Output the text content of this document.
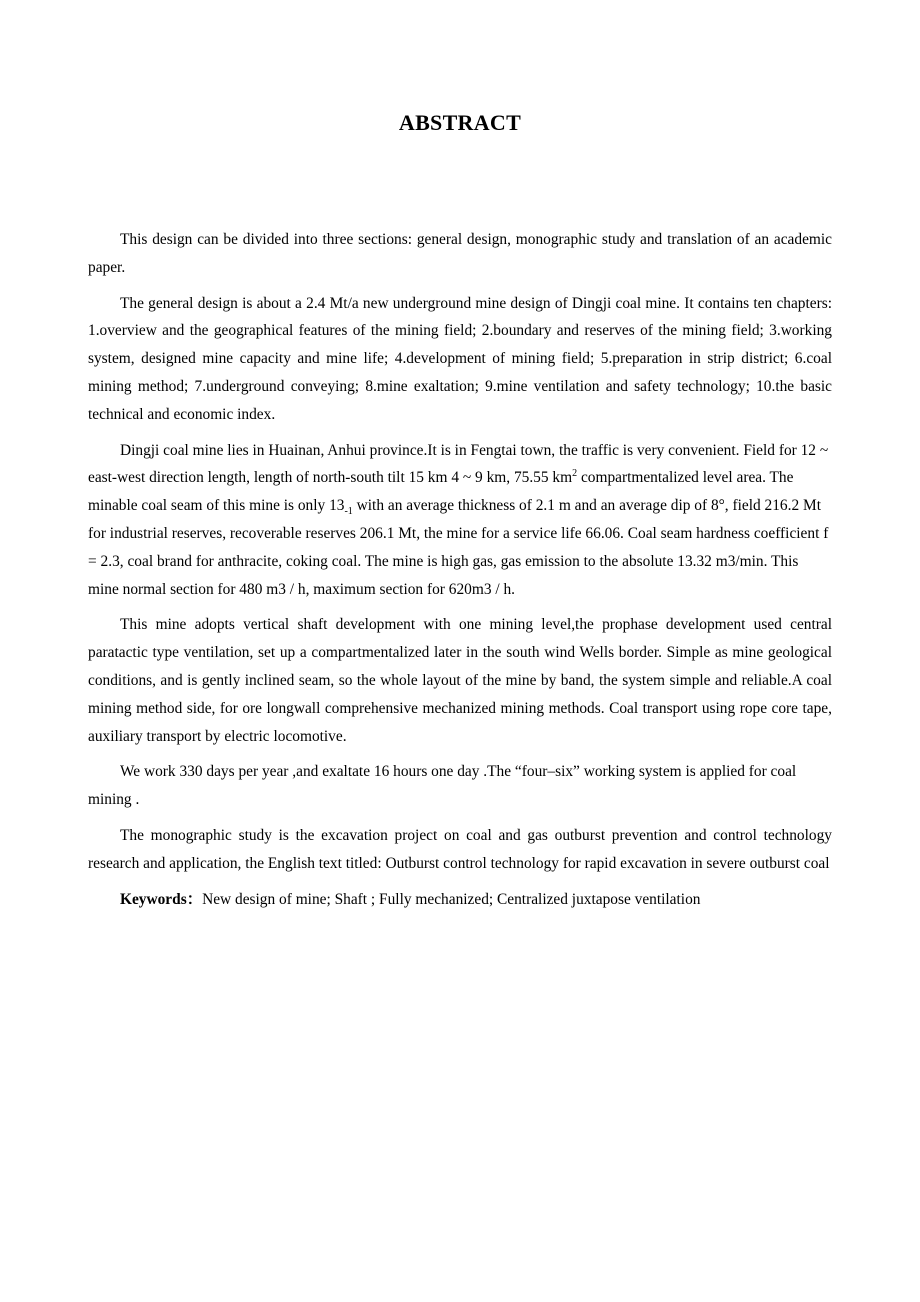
ABSTRACT

This design can be divided into three sections: general design, monographic study and translation of an academic paper.

The general design is about a 2.4 Mt/a new underground mine design of Dingji coal mine. It contains ten chapters: 1.overview and the geographical features of the mining field; 2.boundary and reserves of the mining field; 3.working system, designed mine capacity and mine life; 4.development of mining field; 5.preparation in strip district; 6.coal mining method; 7.underground conveying; 8.mine exaltation; 9.mine ventilation and safety technology; 10.the basic technical and economic index.

Dingji coal mine lies in Huainan, Anhui province.It is in Fengtai town, the traffic is very convenient. Field for 12 ~ east-west direction length, length of north-south tilt 15 km 4 ~ 9 km, 75.55 $km^2$ compartmentalized level area. The minable coal seam of this mine is only $13_{-1}$ with an average thickness of 2.1 m and an average dip of 8°, field 216.2 Mt for industrial reserves, recoverable reserves 206.1 Mt, the mine for a service life 66.06. Coal seam hardness coefficient f = 2.3, coal brand for anthracite, coking coal. The mine is high gas, gas emission to the absolute 13.32 m3/min. This mine normal section for 480 m3 / h, maximum section for 620m3 / h.

This mine adopts vertical shaft development with one mining level,the prophase development used central paratactic type ventilation, set up a compartmentalized later in the south wind Wells border. Simple as mine geological conditions, and is gently inclined seam, so the whole layout of the mine by band, the system simple and reliable.A coal mining method side, for ore longwall comprehensive mechanized mining methods. Coal transport using rope core tape, auxiliary transport by electric locomotive.

We work 330 days per year ,and exaltate 16 hours one day .The “four–six” working system is applied for coal mining .

The monographic study is the excavation project on coal and gas outburst prevention and control technology research and application, the English text titled: Outburst control technology for rapid excavation in severe outburst coal

Keywords：New design of mine; Shaft ; Fully mechanized; Centralized juxtapose ventilation
